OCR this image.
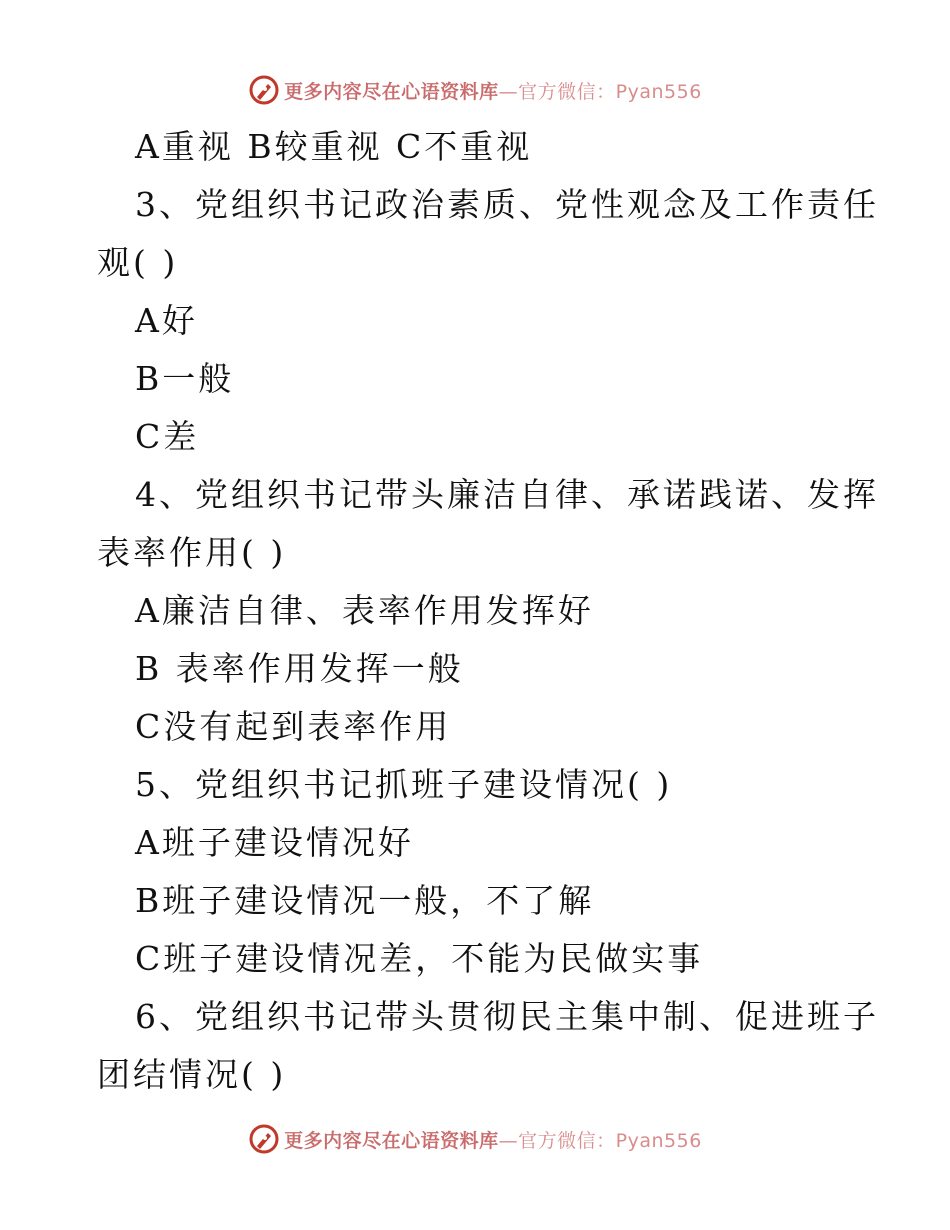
更多内容尽在心语资料库—官方微信：Pyan556
A重视 B较重视 C不重视
3、党组织书记政治素质、党性观念及工作责任
观( )
A好
B一般
C差
4、党组织书记带头廉洁自律、承诺践诺、发挥
表率作用( )
A廉洁自律、表率作用发挥好
B 表率作用发挥一般
C没有起到表率作用
5、党组织书记抓班子建设情况( )
A班子建设情况好
B班子建设情况一般，不了解
C班子建设情况差，不能为民做实事
6、党组织书记带头贯彻民主集中制、促进班子
团结情况( )
更多内容尽在心语资料库—官方微信：Pyan556
